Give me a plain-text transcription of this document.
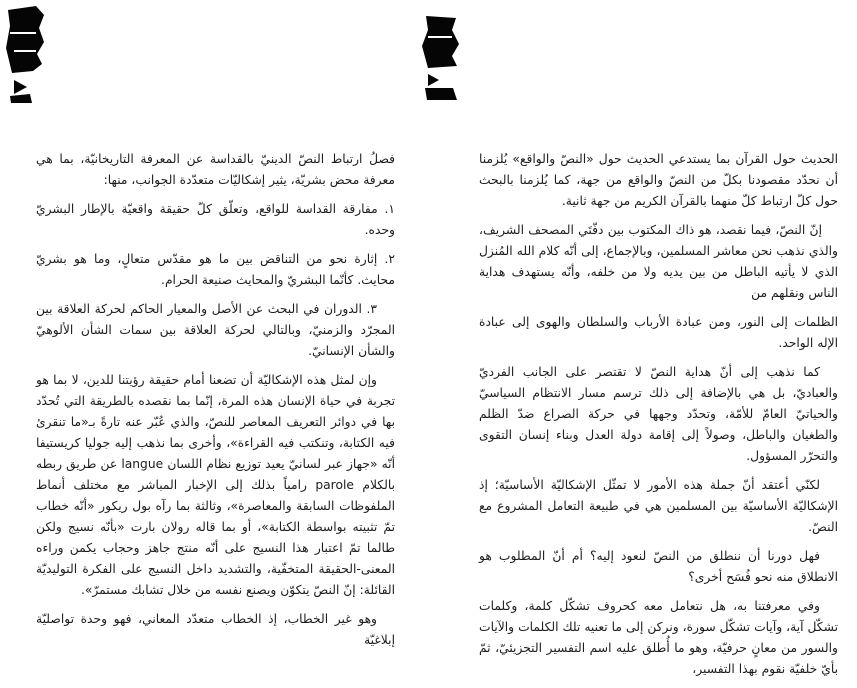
الحديث حول القرآن بما يستدعي الحديث حول «النصّ والواقع» يُلزمنا أن نحدّد مقصودنا بكلّ من النصّ والواقع من جهة، كما يُلزمنا بالبحث حول كلّ ارتباط كلّ منهما بالقرآن الكريم من جهة ثانية.

إنّ النصّ، فيما نقصد، هو ذاك المكتوب بين دفّتَي المصحف الشريف، والذي نذهب نحن معاشر المسلمين، وبالإجماع، إلى أنّه كلام الله المُنزل الذي لا يأتيه الباطل من بين يديه ولا من خلفه، وأنّه يستهدف هداية الناس ونقلهم من

الظلمات إلى النور، ومن عبادة الأرباب والسلطان والهوى إلى عبادة الإله الواحد.

كما نذهب إلى أنّ هداية النصّ لا تقتصر على الجانب الفرديّ والعباديّ، بل هي بالإضافة إلى ذلك ترسم مسار الانتظام السياسيّ والحياتيّ العامّ للأمّة، وتحدّد وجهها في حركة الصراع ضدّ الظلم والطغيان والباطل، وصولاً إلى إقامة دولة العدل وبناء إنسان التقوى والتحرّر المسؤول.

لكنّي أعتقد أنّ جملة هذه الأمور لا تمثّل الإشكاليّة الأساسيّة؛ إذ الإشكاليّة الأساسيّة بين المسلمين هي في طبيعة التعامل المشروع مع النصّ.

فهل دورنا أن ننطلق من النصّ لنعود إليه؟ أم أنّ المطلوب هو الانطلاق منه نحو فُسَح أخرى؟

وفي معرفتنا به، هل نتعامل معه كحروف تشكّل كلمة، وكلمات تشكّل آية، وآيات تشكّل سورة، ونركن إلى ما تعنيه تلك الكلمات والآيات والسور من معانٍ حرفيّة، وهو ما أُطلق عليه اسم التفسير التجزيئيّ، ثمّ بأيّ خلفيّة نقوم بهذا التفسير،

فصلُ ارتباط النصّ الدينيّ بالقداسة عن المعرفة التاريخانيّة، بما هي معرفة محض بشريّة، يثير إشكاليّات متعدّدة الجوانب، منها:

١. مفارقة القداسة للواقع، وتعلّق كلّ حقيقة واقعيّة بالإطار البشريّ وحده.

٢. إثارة نحو من التناقض بين ما هو مقدّس متعالٍ، وما هو بشريّ محايث. كأنّما البشريّ والمحايث صنيعة الحرام.

٣. الدوران في البحث عن الأصل والمعيار الحاكم لحركة العلاقة بين المجرّد والزمنيّ، وبالتالي لحركة العلاقة بين سمات الشأن الألوهيّ والشأن الإنسانيّ.

وإن لمثل هذه الإشكاليّة أن تضعنا أمام حقيقة رؤيتنا للدين، لا بما هو تجربة في حياة الإنسان هذه المرة، إنّما بما نقصده بالطريقة التي تُحدّد بها في دوائر التعريف المعاصر للنصّ، والذي عُبّر عنه تارةً بـ«ما تنقرئ فيه الكتابة، وتنكتب فيه القراءة»، وأخرى بما نذهب إليه جوليا كريستيفا أنّه «جهاز عبر لسانيّ يعيد توزيع نظام اللسان langue عن طريق ربطه بالكلام parole رامياً بذلك إلى الإخبار المباشر مع مختلف أنماط الملفوظات السابقة والمعاصرة»، وثالثة بما رآه بول ريكور «أنّه خطاب تمّ تثبيته بواسطة الكتابة»، أو بما قاله رولان بارت «بأنّه نسيج ولكن طالما تمّ اعتبار هذا النسيج على أنّه منتج جاهز وحجاب يكمن وراءه المعنى-الحقيقة المتخفّية، والتشديد داخل النسيج على الفكرة التوليديّة القائلة: إنّ النصّ يتكوّن ويصنع نفسه من خلال تشابك مستمرّ».

وهو غير الخطاب، إذ الخطاب متعدّد المعاني، فهو وحدة تواصليّة إبلاغيّة
